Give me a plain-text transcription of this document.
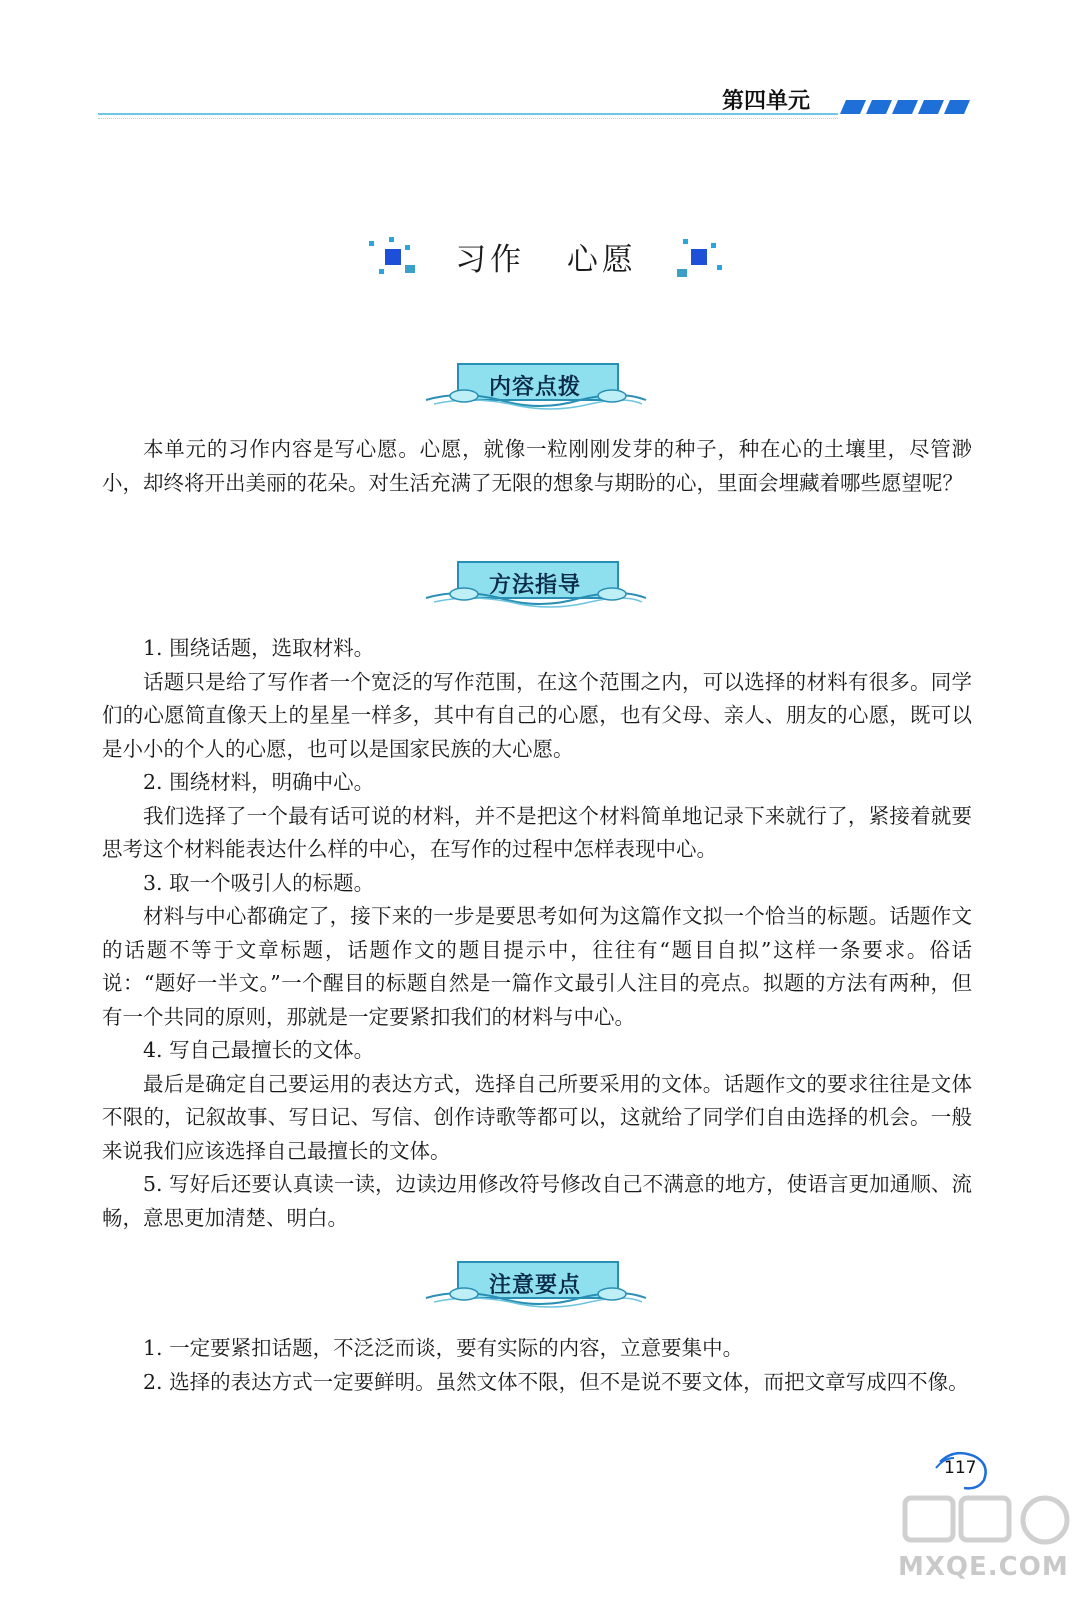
第四单元
习作 心愿
内容点拨

本单元的习作内容是写心愿。心愿，就像一粒刚刚发芽的种子，种在心的土壤里，尽管渺小，却终将开出美丽的花朵。对生活充满了无限的想象与期盼的心，里面会埋藏着哪些愿望呢？

方法指导

1. 围绕话题，选取材料。

话题只是给了写作者一个宽泛的写作范围，在这个范围之内，可以选择的材料有很多。同学们的心愿简直像天上的星星一样多，其中有自己的心愿，也有父母、亲人、朋友的心愿，既可以是小小的个人的心愿，也可以是国家民族的大心愿。

2. 围绕材料，明确中心。

我们选择了一个最有话可说的材料，并不是把这个材料简单地记录下来就行了，紧接着就要思考这个材料能表达什么样的中心，在写作的过程中怎样表现中心。

3. 取一个吸引人的标题。

材料与中心都确定了，接下来的一步是要思考如何为这篇作文拟一个恰当的标题。话题作文的话题不等于文章标题，话题作文的题目提示中，往往有“题目自拟”这样一条要求。俗话说：“题好一半文。”一个醒目的标题自然是一篇作文最引人注目的亮点。拟题的方法有两种，但有一个共同的原则，那就是一定要紧扣我们的材料与中心。

4. 写自己最擅长的文体。

最后是确定自己要运用的表达方式，选择自己所要采用的文体。话题作文的要求往往是文体不限的，记叙故事、写日记、写信、创作诗歌等都可以，这就给了同学们自由选择的机会。一般来说我们应该选择自己最擅长的文体。

5. 写好后还要认真读一读，边读边用修改符号修改自己不满意的地方，使语言更加通顺、流畅，意思更加清楚、明白。

注意要点

1. 一定要紧扣话题，不泛泛而谈，要有实际的内容，立意要集中。

2. 选择的表达方式一定要鲜明。虽然文体不限，但不是说不要文体，而把文章写成四不像。

117
MXQE.COM
